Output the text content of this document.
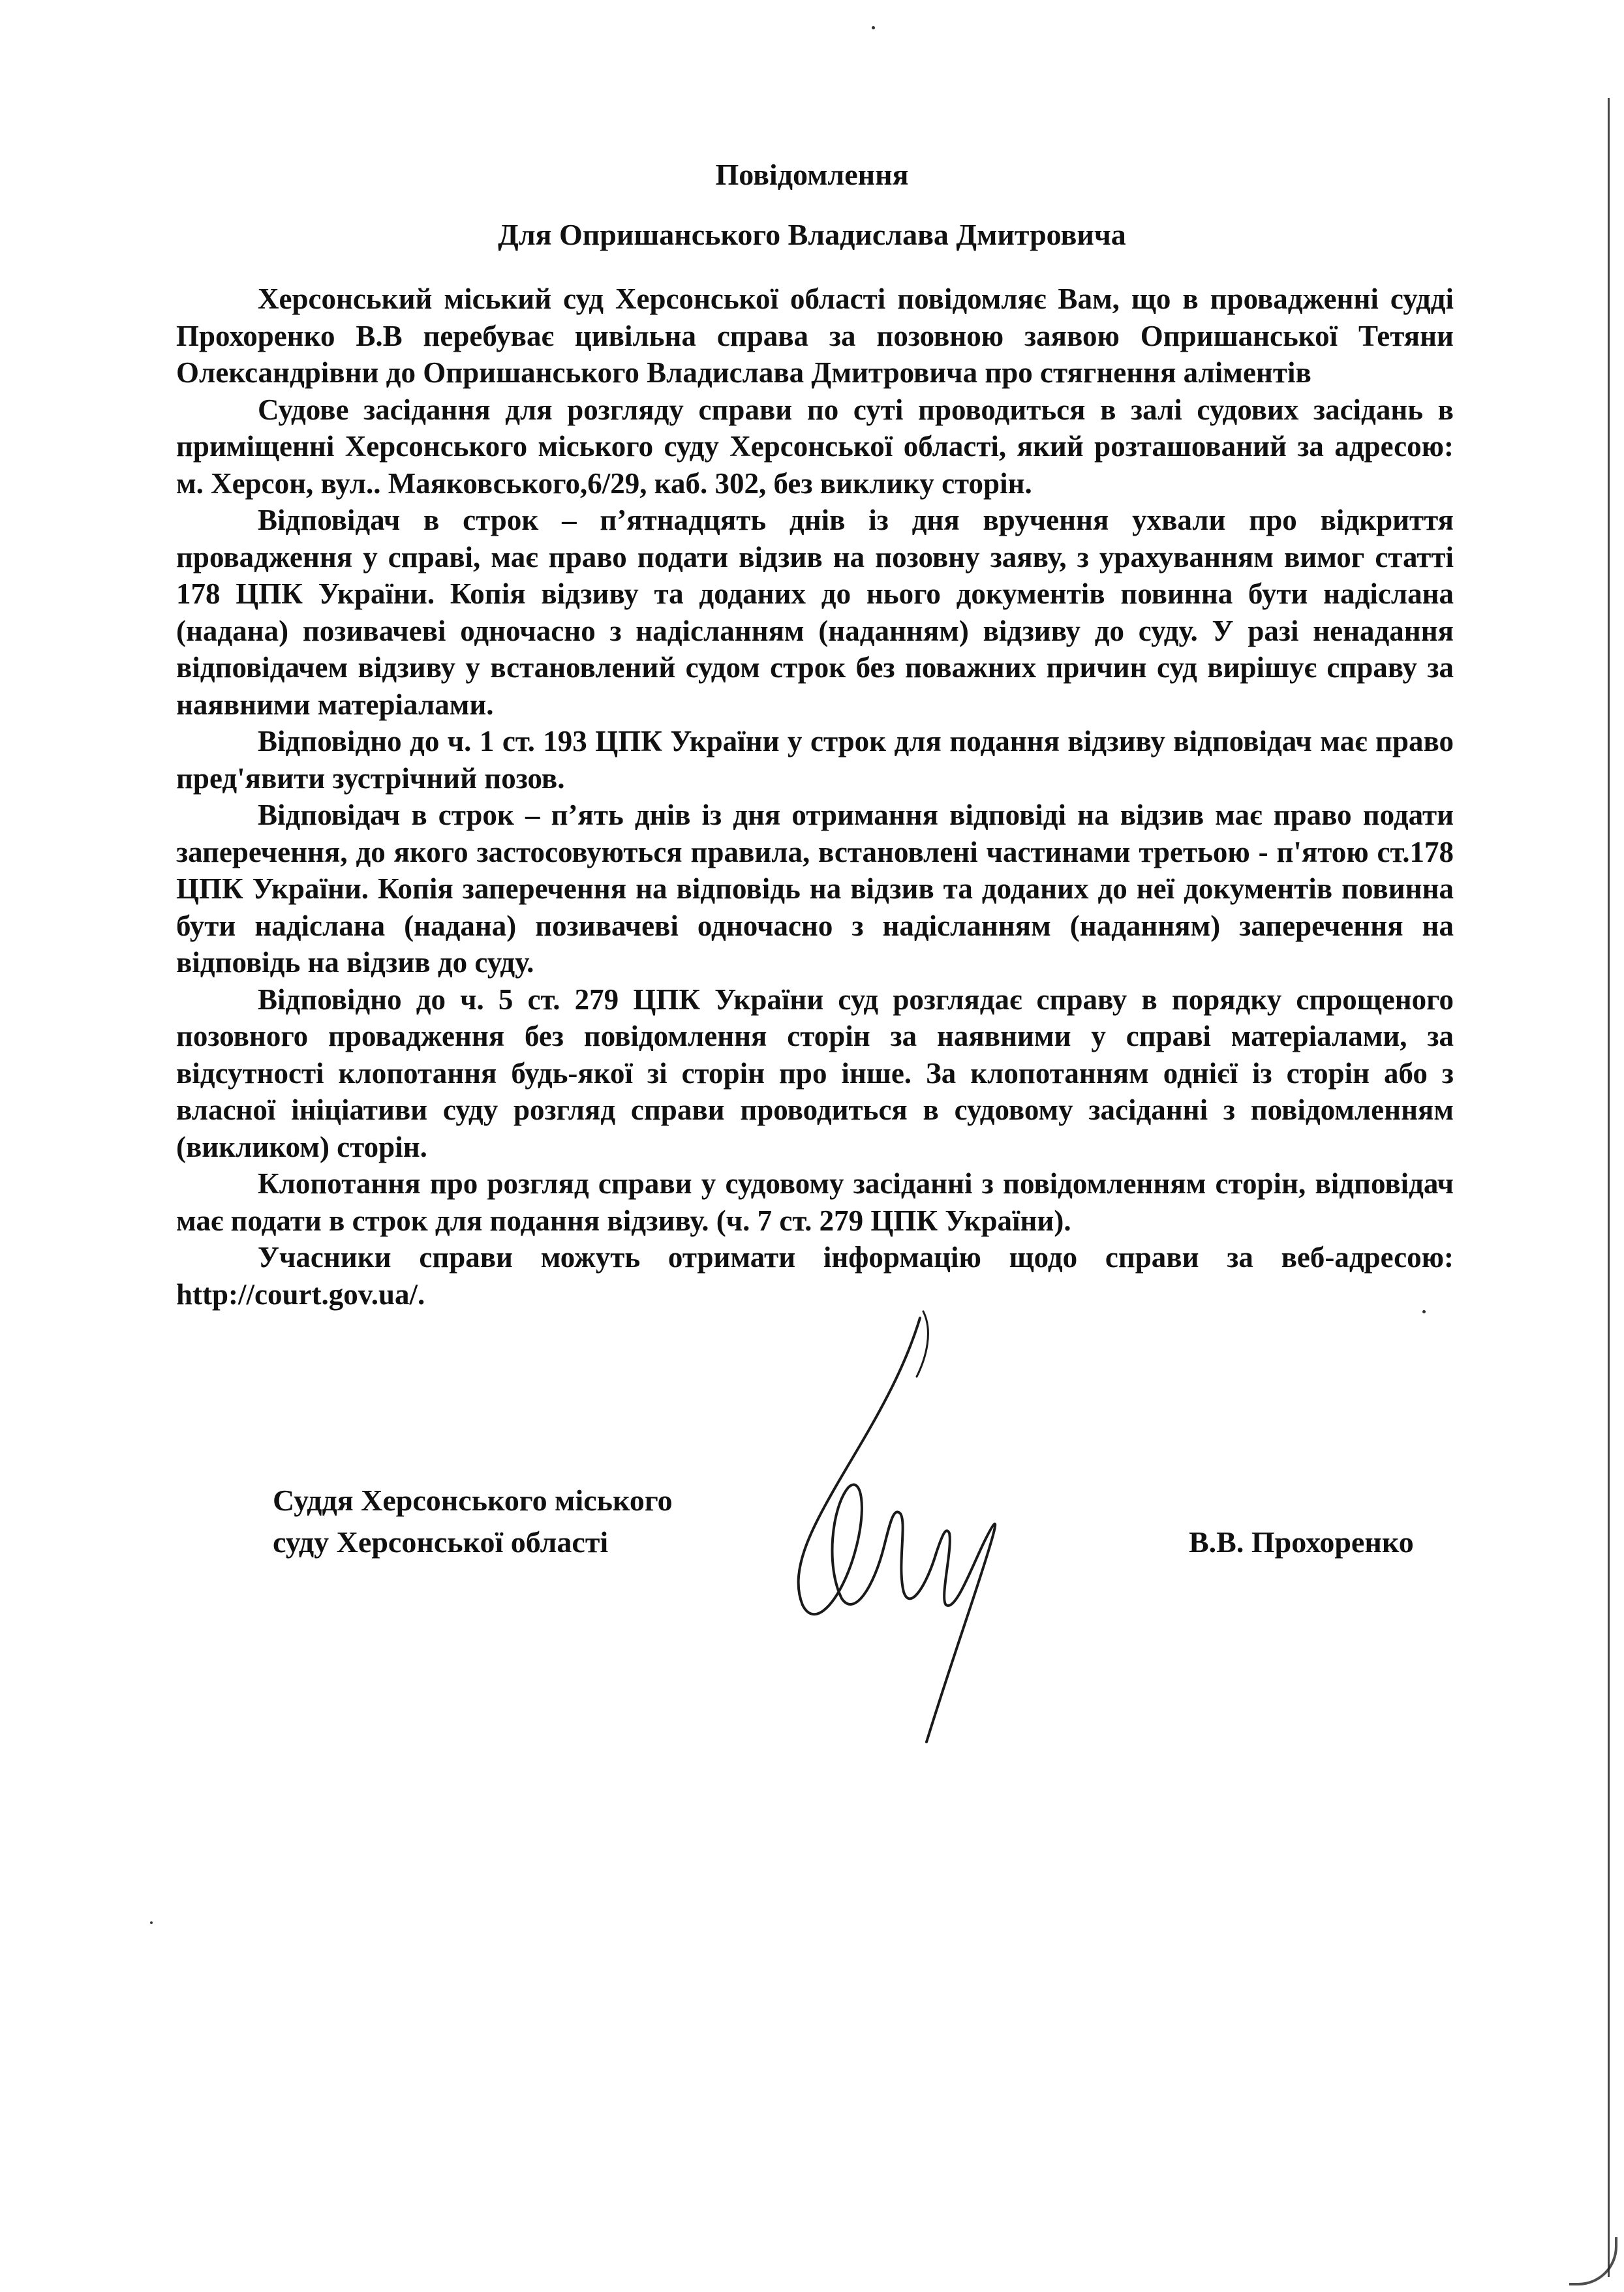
Повідомлення
Для Опришанського Владислава Дмитровича

Херсонський міський суд Херсонської області повідомляє Вам, що в провадженні судді Прохоренко В.В перебуває цивільна справа за позовною заявою Опришанської Тетяни Олександрівни до Опришанського Владислава Дмитровича про стягнення аліментів

Судове засідання для розгляду справи по суті проводиться в залі судових засідань в приміщенні Херсонського міського суду Херсонської області, який розташований за адресою: м. Херсон, вул.. Маяковського,6/29, каб. 302, без виклику сторін.

Відповідач в строк – п’ятнадцять днів із дня вручення ухвали про відкриття провадження у справі, має право подати відзив на позовну заяву, з урахуванням вимог статті 178 ЦПК України. Копія відзиву та доданих до нього документів повинна бути надіслана (надана) позивачеві одночасно з надісланням (наданням) відзиву до суду. У разі ненадання відповідачем відзиву у встановлений судом строк без поважних причин суд вирішує справу за наявними матеріалами.

Відповідно до ч. 1 ст. 193 ЦПК України у строк для подання відзиву відповідач має право пред'явити зустрічний позов.

Відповідач в строк – п’ять днів із дня отримання відповіді на відзив має право подати заперечення, до якого застосовуються правила, встановлені частинами третьою - п'ятою ст.178 ЦПК України. Копія заперечення на відповідь на відзив та доданих до неї документів повинна бути надіслана (надана) позивачеві одночасно з надісланням (наданням) заперечення на відповідь на відзив до суду.

Відповідно до ч. 5 ст. 279 ЦПК України суд розглядає справу в порядку спрощеного позовного провадження без повідомлення сторін за наявними у справі матеріалами, за відсутності клопотання будь-якої зі сторін про інше. За клопотанням однієї із сторін або з власної ініціативи суду розгляд справи проводиться в судовому засіданні з повідомленням (викликом) сторін.

Клопотання про розгляд справи у судовому засіданні з повідомленням сторін, відповідач має подати в строк для подання відзиву. (ч. 7 ст. 279 ЦПК України).

Учасники справи можуть отримати інформацію щодо справи за веб-адресою: http://court.gov.ua/.

Суддя Херсонського міського
суду Херсонської області	В.В. Прохоренко
